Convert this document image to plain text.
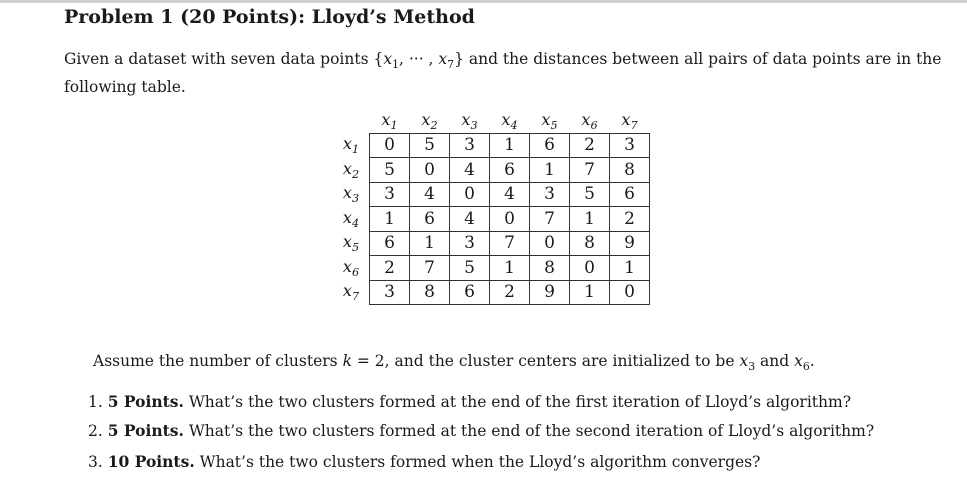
Problem 1 (20 Points): Lloyd’s Method
Given a dataset with seven data points {$x_1$, ··· , $x_7$} and the distances between all pairs of data points are in the following table.
	$x_1$	$x_2$	$x_3$	$x_4$	$x_5$	$x_6$	$x_7$
$x_1$	0	5	3	1	6	2	3
$x_2$	5	0	4	6	1	7	8
$x_3$	3	4	0	4	3	5	6
$x_4$	1	6	4	0	7	1	2
$x_5$	6	1	3	7	0	8	9
$x_6$	2	7	5	1	8	0	1
$x_7$	3	8	6	2	9	1	0
Assume the number of clusters k = 2, and the cluster centers are initialized to be $x_3$ and $x_6$.
1. 5 Points. What’s the two clusters formed at the end of the first iteration of Lloyd’s algorithm?
2. 5 Points. What’s the two clusters formed at the end of the second iteration of Lloyd’s algorithm?
3. 10 Points. What’s the two clusters formed when the Lloyd’s algorithm converges?
